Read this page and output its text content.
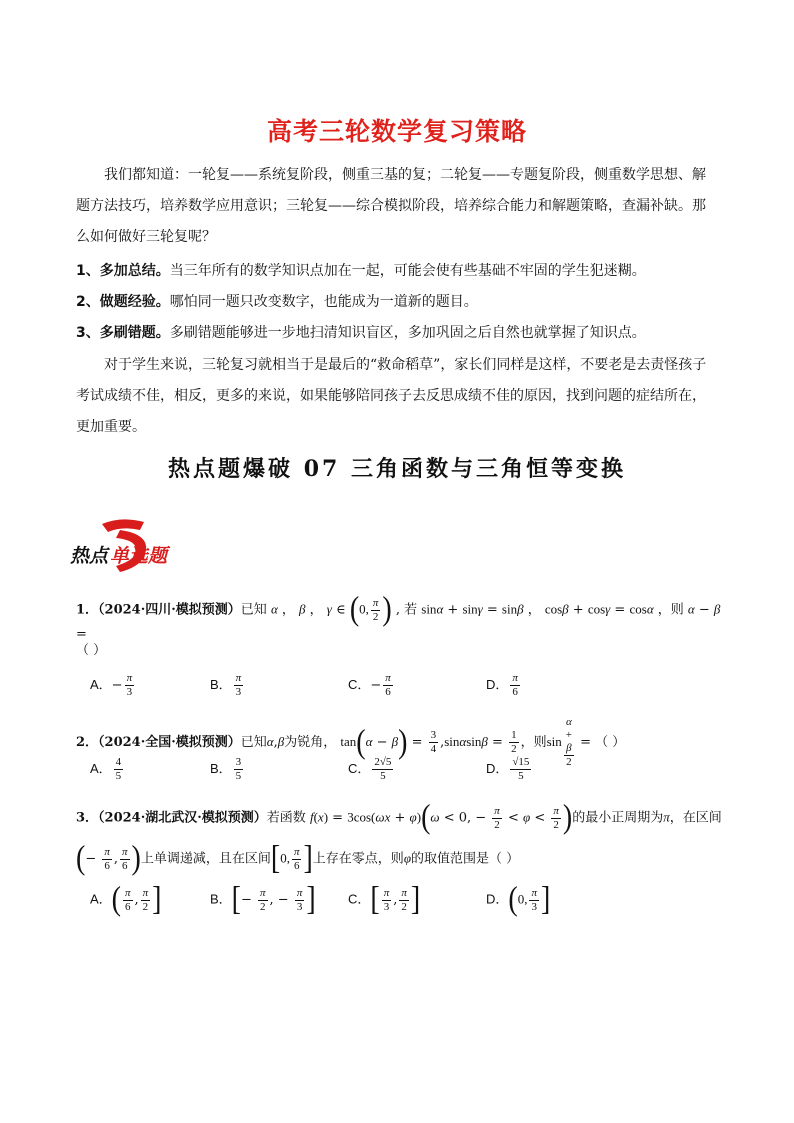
高考三轮数学复习策略
我们都知道：一轮复——系统复阶段，侧重三基的复；二轮复——专题复阶段，侧重数学思想、解题方法技巧，培养数学应用意识；三轮复——综合模拟阶段，培养综合能力和解题策略，查漏补缺。那么如何做好三轮复呢？
1、多加总结。当三年所有的数学知识点加在一起，可能会使有些基础不牢固的学生犯迷糊。
2、做题经验。哪怕同一题只改变数字，也能成为一道新的题目。
3、多刷错题。多刷错题能够进一步地扫清知识盲区，多加巩固之后自然也就掌握了知识点。
对于学生来说，三轮复习就相当于是最后的“救命稻草”，家长们同样是这样，不要老是去责怪孩子考试成绩不佳，相反，更多的来说，如果能够陪同孩子去反思成绩不佳的原因，找到问题的症结所在，更加重要。
热点题爆破 07 三角函数与三角恒等变换
热点 单选题
1．（2024·四川·模拟预测）已知 α ， β ， γ ∈ (0, $\frac{\pi}{2}$ ) , 若 sinα + sinγ = sinβ ， cosβ + cosγ = cosα ，则 α − β =
（ ）
A．− $\frac{\pi}{3}$	B． $\frac{\pi}{3}$	C．− $\frac{\pi}{6}$	D． $\frac{\pi}{6}$
2．（2024·全国·模拟预测）已知α,β为锐角， $\tan(\alpha - \beta) = \frac{3}{4} ,\sin\alpha\sin\beta = \frac{1}{2}$ ，则sin α
+
β
2 = （ ）
A． $\frac{4}{5}$	B． $\frac{3}{5}$	C． $\frac{2√5}{5}$	D． $\frac{√15}{5}$
3．（2024·湖北武汉·模拟预测）若函数 f(x) = 3cos(ωx + φ)(ω < 0, − $\frac{\pi}{2} < \varphi < \frac{\pi}{2}$ )的最小正周期为π，在区间
(− $\frac{\pi}{6}$ , $\frac{\pi}{6}$ )上单调递减，且在区间[0, $\frac{\pi}{6}$ ]上存在零点，则φ的取值范围是（ ）
A．( $\frac{\pi}{6}$ , $\frac{\pi}{2}$ ]	B．[− $\frac{\pi}{2}$ , − $\frac{\pi}{3}$ ] C．[ $\frac{\pi}{3}$ , $\frac{\pi}{2}$ ]	D．(0, $\frac{\pi}{3}$ ]
